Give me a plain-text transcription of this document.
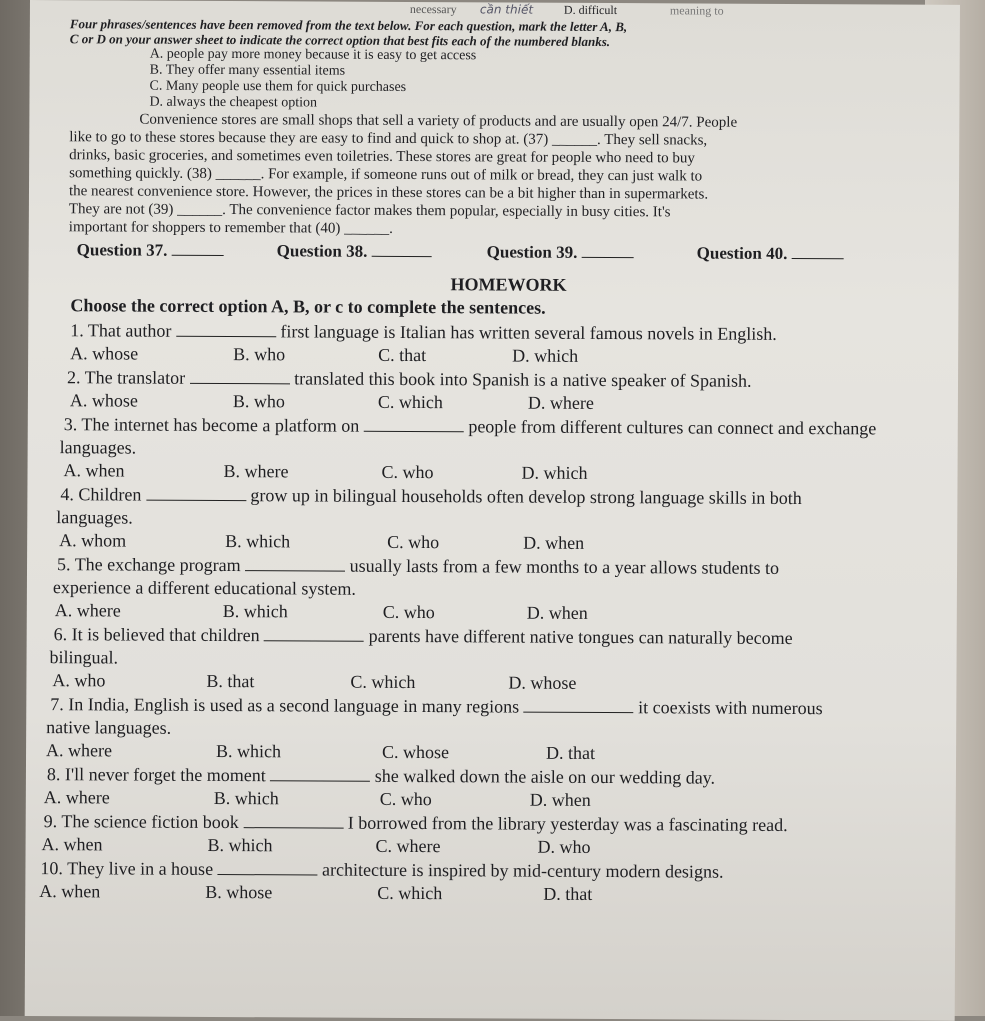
necessary cần thiết	D. difficult	meaning to
Four phrases/sentences have been removed from the text below. For each question, mark the letter A, B,
C or D on your answer sheet to indicate the correct option that best fits each of the numbered blanks.
A. people pay more money because it is easy to get access
B. They offer many essential items
C. Many people use them for quick purchases
D. always the cheapest option
Convenience stores are small shops that sell a variety of products and are usually open 24/7. People
like to go to these stores because they are easy to find and quick to shop at. (37) ______. They sell snacks,
drinks, basic groceries, and sometimes even toiletries. These stores are great for people who need to buy
something quickly. (38) ______. For example, if someone runs out of milk or bread, they can just walk to
the nearest convenience store. However, the prices in these stores can be a bit higher than in supermarkets.
They are not (39) ______. The convenience factor makes them popular, especially in busy cities. It's
important for shoppers to remember that (40) ______.
Question 37.	Question 38.	Question 39.	Question 40.
HOMEWORK
Choose the correct option A, B, or c to complete the sentences.
1. That author	first language is Italian has written several famous novels in English.
A. whose	B. who	C. that	D. which
2. The translator	translated this book into Spanish is a native speaker of Spanish.
A. whose	B. who	C. which	D. where
3. The internet has become a platform on	people from different cultures can connect and exchange
languages.
A. when	B. where	C. who	D. which
4. Children	grow up in bilingual households often develop strong language skills in both
languages.
A. whom	B. which	C. who	D. when
5. The exchange program	usually lasts from a few months to a year allows students to
experience a different educational system.
A. where	B. which	C. who	D. when
6. It is believed that children	parents have different native tongues can naturally become
bilingual.
A. who	B. that	C. which	D. whose
7. In India, English is used as a second language in many regions	it coexists with numerous
native languages.
A. where	B. which	C. whose	D. that
8. I'll never forget the moment	she walked down the aisle on our wedding day.
A. where	B. which	C. who	D. when
9. The science fiction book	I borrowed from the library yesterday was a fascinating read.
A. when	B. which	C. where	D. who
10. They live in a house	architecture is inspired by mid-century modern designs.
A. when	B. whose	C. which	D. that
